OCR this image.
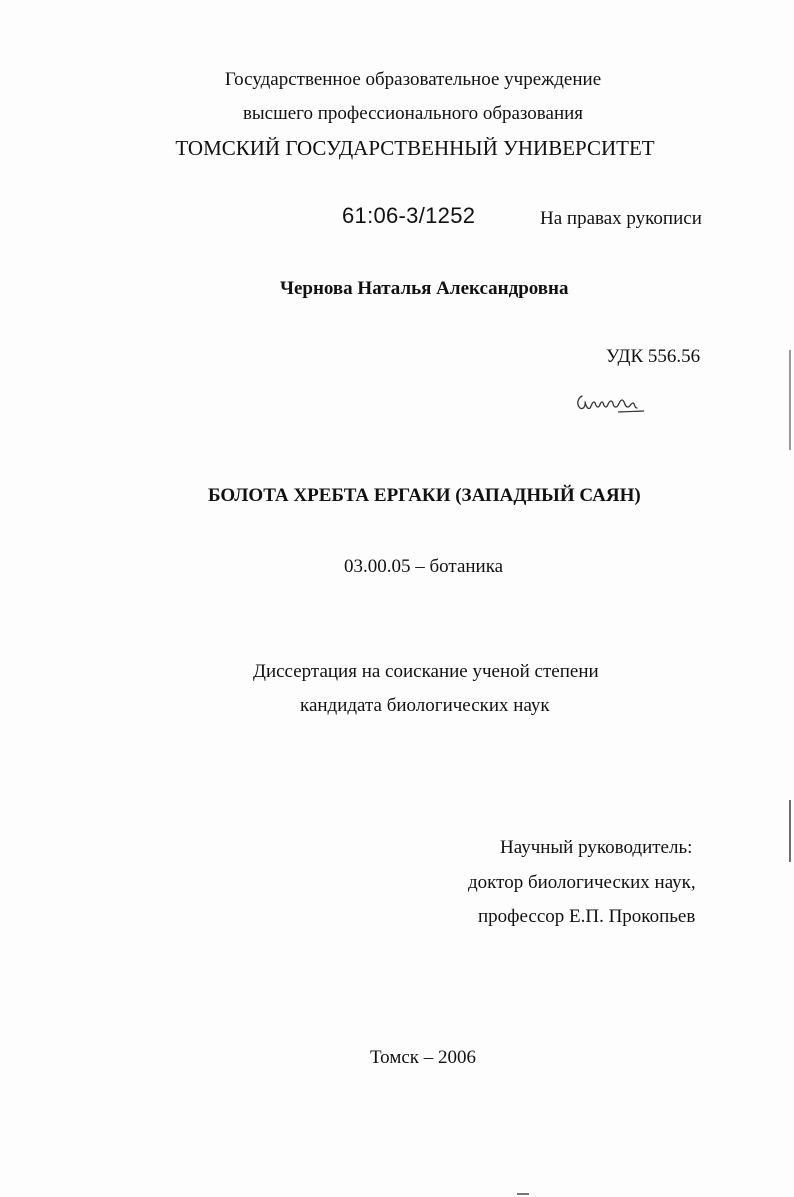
Государственное образовательное учреждение
высшего профессионального образования
ТОМСКИЙ ГОСУДАРСТВЕННЫЙ УНИВЕРСИТЕТ
61:06-3/1252	На правах рукописи
Чернова Наталья Александровна
УДК 556.56
БОЛОТА ХРЕБТА ЕРГАКИ (ЗАПАДНЫЙ САЯН)
03.00.05 – ботаника
Диссертация на соискание ученой степени
кандидата биологических наук
Научный руководитель:
доктор биологических наук,
профессор Е.П. Прокопьев
Томск – 2006
